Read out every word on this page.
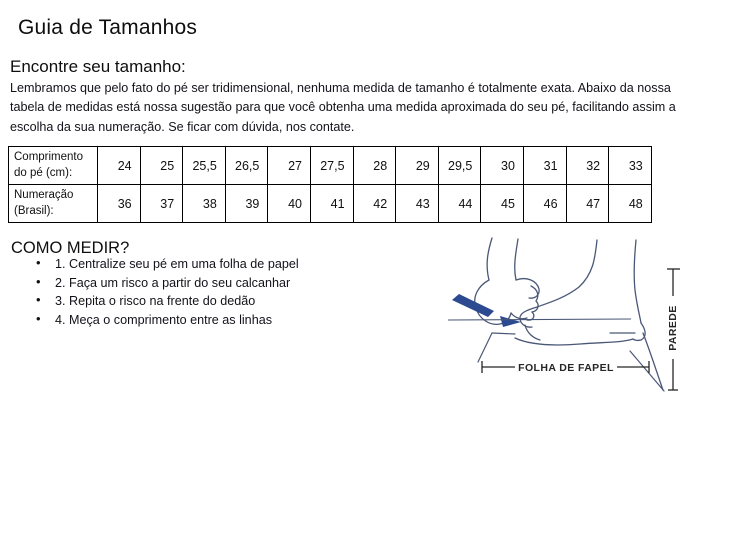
Guia de Tamanhos
Encontre seu tamanho:

Lembramos que pelo fato do pé ser tridimensional, nenhuma medida de tamanho é totalmente exata. Abaixo da nossa tabela de medidas está nossa sugestão para que você obtenha uma medida aproximada do seu pé, facilitando assim a escolha da sua numeração. Se ficar com dúvida, nos contate.

Comprimento do pé (cm):	24	25	25,5	26,5	27	27,5	28	29	29,5	30	31	32	33
Numeração (Brasil):	36	37	38	39	40	41	42	43	44	45	46	47	48
COMO MEDIR?
• 1. Centralize seu pé em uma folha de papel
• 2. Faça um risco a partir do seu calcanhar
• 3. Repita o risco na frente do dedão
• 4. Meça o comprimento entre as linhas
FOLHA DE FAPEL
PAREDE
